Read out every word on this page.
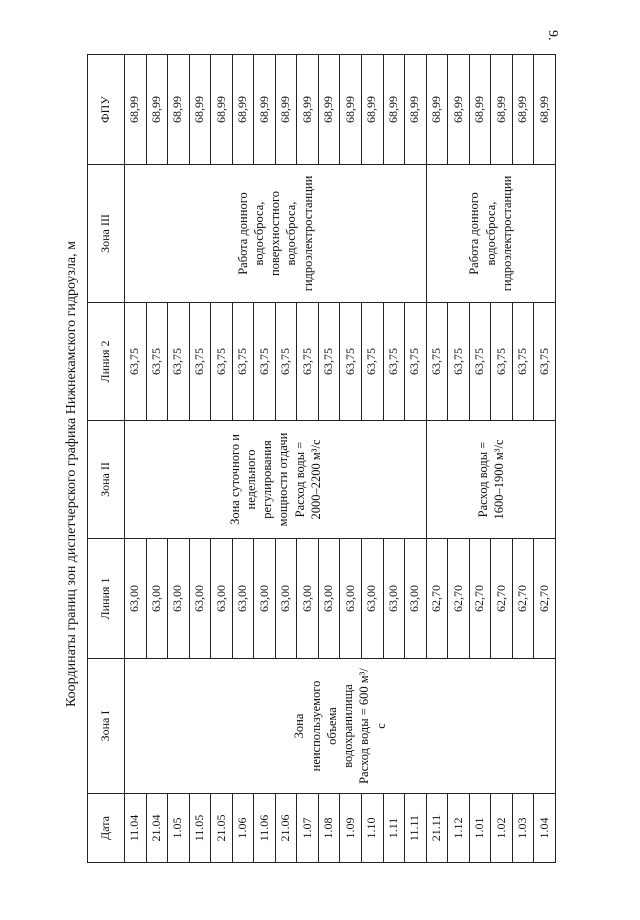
9.
Координаты границ зон диспетчерского графика Нижнекамского гидроузла, м
Дата	Зона I	Линия 1	Зона II	Линия 2	Зона III	ФПУ
11.04	Зона неиспользуемого объема водохранилища Расход воды = 600 м³/с	63,00	Зона суточного и недельного регулирования мощности отдачи Расход воды = 2000–2200 м³/с	63,75	Работа донного водосброса, поверхностного водосброса, гидроэлектростанции	68,99
21.04		63,00		63,75		68,99
1.05		63,00		63,75		68,99
11.05		63,00		63,75		68,99
21.05		63,00		63,75		68,99
1.06		63,00		63,75		68,99
11.06		63,00		63,75		68,99
21.06		63,00		63,75		68,99
1.07		63,00		63,75		68,99
1.08		63,00		63,75		68,99
1.09		63,00		63,75		68,99
1.10		63,00		63,75		68,99
1.11		63,00		63,75		68,99
11.11		63,00		63,75		68,99
21.11		62,70	Расход воды = 1600–1900 м³/с	63,75	Работа донного водосброса, гидроэлектростанции	68,99
1.12		62,70		63,75		68,99
1.01		62,70		63,75		68,99
1.02		62,70		63,75		68,99
1.03		62,70		63,75		68,99
1.04		62,70		63,75		68,99
